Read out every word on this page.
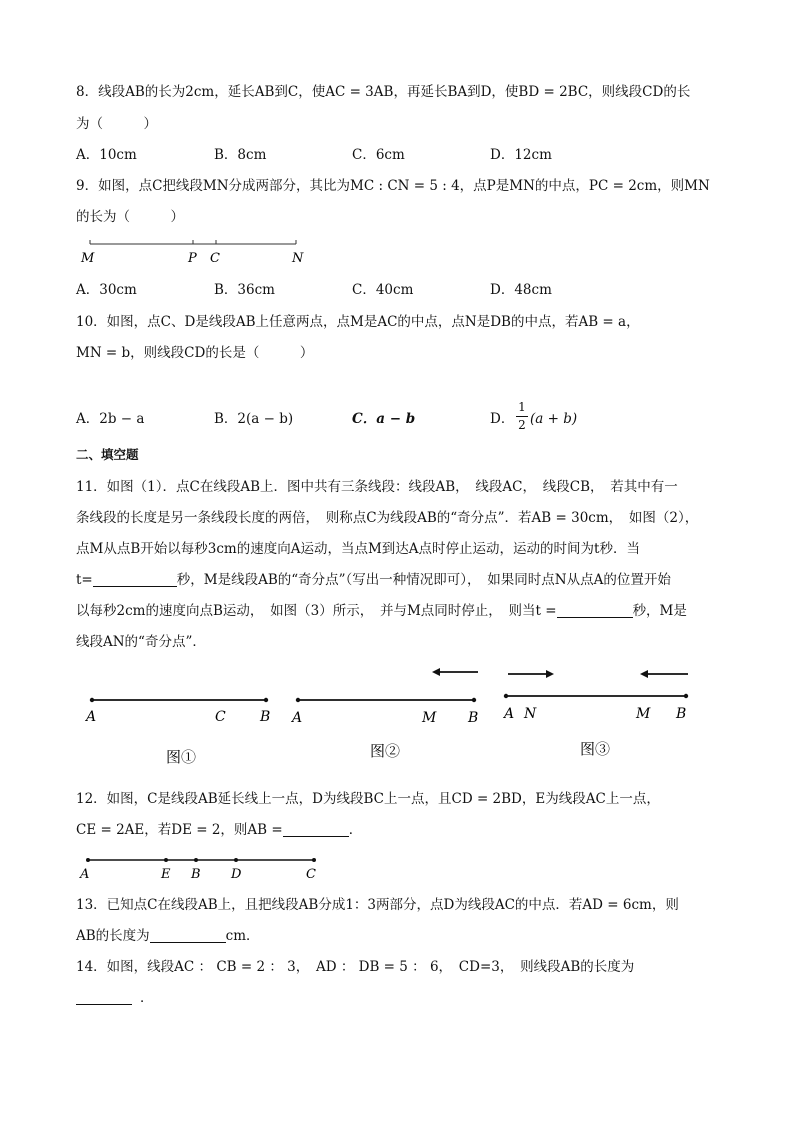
8．线段AB的长为2cm，延长AB到C，使AC = 3AB，再延长BA到D，使BD = 2BC，则线段CD的长
为（　　　）
A．10cm	B．8cm	C．6cm	D．12cm
9．如图，点C把线段MN分成两部分，其比为MC : CN = 5 : 4，点P是MN的中点，PC = 2cm，则MN
的长为（　　　）
M	P C	N
A．30cm	B．36cm	C．40cm	D．48cm
10．如图，点C、D是线段AB上任意两点，点M是AC的中点，点N是DB的中点，若AB = a，
MN = b，则线段CD的长是（　　　）
A．2b − a	B．2(a − b)	C．a − b	D．
1
2 (a + b)
二、填空题
11．如图（1）．点C在线段AB上．图中共有三条线段：线段AB，　线段AC，　线段CB，　若其中有一
条线段的长度是另一条线段长度的两倍，　则称点C为线段AB的“奇分点”．若AB = 30cm，　如图（2），
点M从点B开始以每秒3cm的速度向A运动，当点M到达A点时停止运动，运动的时间为t秒．当
t=	秒，M是线段AB的“奇分点”（写出一种情况即可），　如果同时点N从点A的位置开始
以每秒2cm的速度向点B运动，　如图（3）所示，　并与M点同时停止，　则当t =	秒，M是
线段AN的“奇分点”．
A	C B
图①
A	M B
图②
A N	M B
图③
12．如图，C是线段AB延长线上一点，D为线段BC上一点，且CD = 2BD，E为线段AC上一点，
CE = 2AE，若DE = 2，则AB =	．
A	E B D	C
13．已知点C在线段AB上，且把线段AB分成1：3两部分，点D为线段AC的中点．若AD = 6cm，则
AB的长度为	cm．
14．如图，线段AC ： CB = 2 ： 3，　AD ： DB = 5 ： 6，　CD=3，　则线段AB的长度为
．
